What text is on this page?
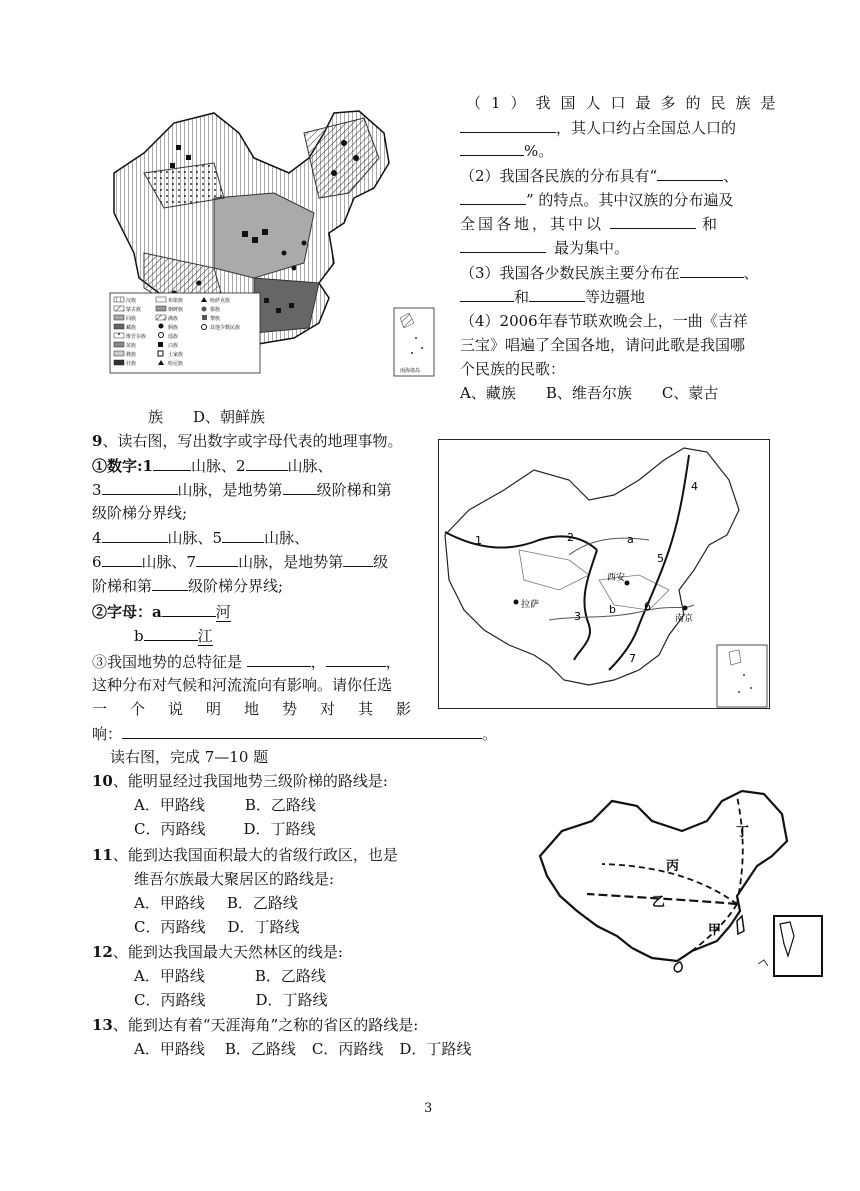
汉族
蒙古族
回族
藏族
维吾尔族
苗族
彝族
壮族
布依族
朝鲜族
满族
侗族
瑶族
白族
土家族
哈尼族
哈萨克族
傣族
黎族
其他少数民族
南海诸岛
（1）我国人口最多的民族是
，其人口约占全国总人口的
%。
（2）我国各民族的分布具有“	、
” 的特点。其中汉族的分布遍及
全国各地，其中以	和
最为集中。
（3）我国各少数民族主要分布在	、
和	等边疆地
（4）2006年春节联欢晚会上，一曲《吉祥
三宝》唱遍了全国各地，请问此歌是我国哪
个民族的民歌：
A、藏族　　B、维吾尔族　　C、蒙古
族　　D、朝鲜族
9、读右图，写出数字或字母代表的地理事物。
①数字:1	山脉、2	山脉、
3	山脉，是地势第 级阶梯和第
级阶梯分界线;
4	山脉、5	山脉、
6	山脉、7	山脉，是地势第 级
阶梯和第 级阶梯分界线;
②字母：a	河
b	江
③我国地势的总特征是	，	，
这种分布对气候和河流流向有影响。请你任选
一　个　说　明　地　势　对　其　影
响：	。
1	2
3
4
5
6
7
a
b
西安
拉萨
南京
读右图，完成 7—10 题
10、能明显经过我国地势三级阶梯的路线是:
A．甲路线	B．乙路线
C．丙路线	D．丁路线
11、能到达我国面积最大的省级行政区，也是
维吾尔族最大聚居区的路线是:
A．甲路线 B．乙路线
C．丙路线 D．丁路线
12、能到达我国最大天然林区的线是:
A．甲路线	B．乙路线
C．丙路线	D．丁路线
13、能到达有着“天涯海角”之称的省区的路线是:
A．甲路线 B．乙路线 C．丙路线 D．丁路线
丙
乙
甲
丁
3
